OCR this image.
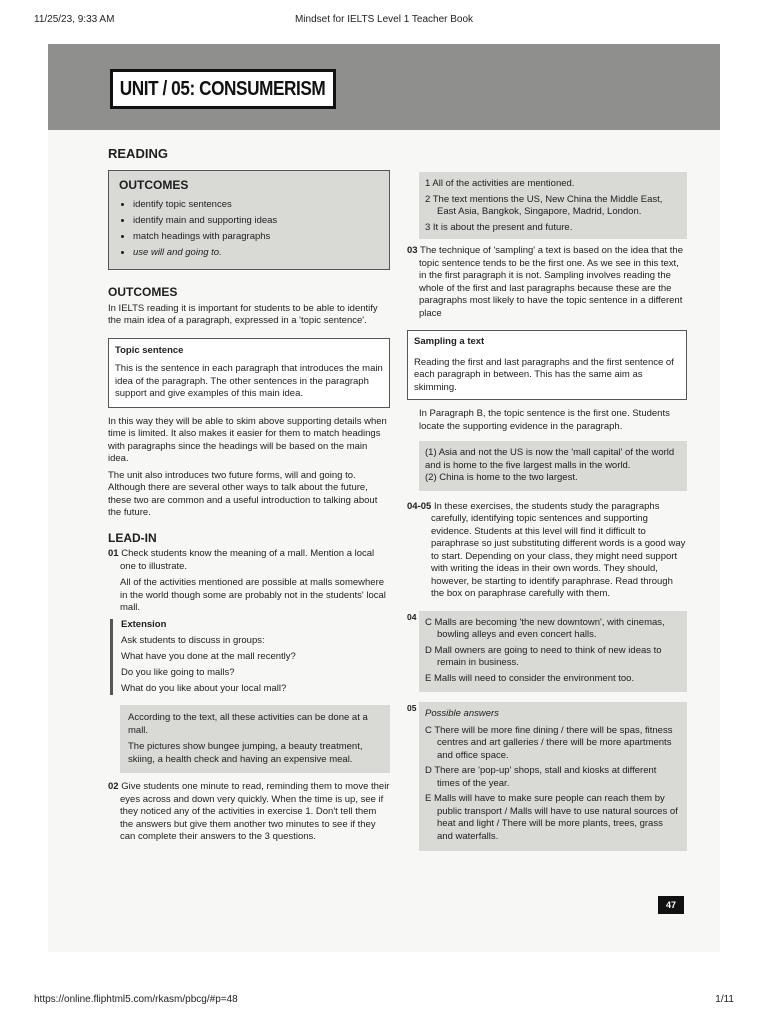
11/25/23, 9:33 AM	Mindset for IELTS Level 1 Teacher Book
UNIT / 05: CONSUMERISM

READING

OUTCOMES

• identify topic sentences
• identify main and supporting ideas
• match headings with paragraphs
• use will and going to.

OUTCOMES

In IELTS reading it is important for students to be able to identify the main idea of a paragraph, expressed in a 'topic sentence'.

Topic sentence

This is the sentence in each paragraph that introduces the main idea of the paragraph. The other sentences in the paragraph support and give examples of this main idea.

In this way they will be able to skim above supporting details when time is limited. It also makes it easier for them to match headings with paragraphs since the headings will be based on the main idea.

The unit also introduces two future forms, will and going to. Although there are several other ways to talk about the future, these two are common and a useful introduction to talking about the future.

LEAD-IN

01 Check students know the meaning of a mall. Mention a local one to illustrate.

All of the activities mentioned are possible at malls somewhere in the world though some are probably not in the students' local mall.

Extension

Ask students to discuss in groups:

What have you done at the mall recently?

Do you like going to malls?

What do you like about your local mall?

According to the text, all these activities can be done at a mall.

The pictures show bungee jumping, a beauty treatment, skiing, a health check and having an expensive meal.

02 Give students one minute to read, reminding them to move their eyes across and down very quickly. When the time is up, see if they noticed any of the activities in exercise 1. Don't tell them the answers but give them another two minutes to see if they can complete their answers to the 3 questions.

1 All of the activities are mentioned.

2 The text mentions the US, New China the Middle East, East Asia, Bangkok, Singapore, Madrid, London.

3 It is about the present and future.

03 The technique of 'sampling' a text is based on the idea that the topic sentence tends to be the first one. As we see in this text, in the first paragraph it is not. Sampling involves reading the whole of the first and last paragraphs because these are the paragraphs most likely to have the topic sentence in a different place

Sampling a text

Reading the first and last paragraphs and the first sentence of each paragraph in between. This has the same aim as skimming.

In Paragraph B, the topic sentence is the first one. Students locate the supporting evidence in the paragraph.

(1) Asia and not the US is now the 'mall capital' of the world and is home to the five largest malls in the world.

(2) China is home to the two largest.

04-05 In these exercises, the students study the paragraphs carefully, identifying topic sentences and supporting evidence. Students at this level will find it difficult to paraphrase so just substituting different words is a good way to start. Depending on your class, they might need support with writing the ideas in their own words. They should, however, be starting to identify paraphrase. Read through the box on paraphrase carefully with them.

04 C Malls are becoming 'the new downtown', with cinemas, bowling alleys and even concert halls.

D Mall owners are going to need to think of new ideas to remain in business.

E Malls will need to consider the environment too.

05 Possible answers

C There will be more fine dining / there will be spas, fitness centres and art galleries / there will be more apartments and office space.

D There are 'pop-up' shops, stall and kiosks at different times of the year.

E Malls will have to make sure people can reach them by public transport / Malls will have to use natural sources of heat and light / There will be more plants, trees, grass and waterfalls.

47
https://online.fliphtml5.com/rkasm/pbcg/#p=48	1/11
